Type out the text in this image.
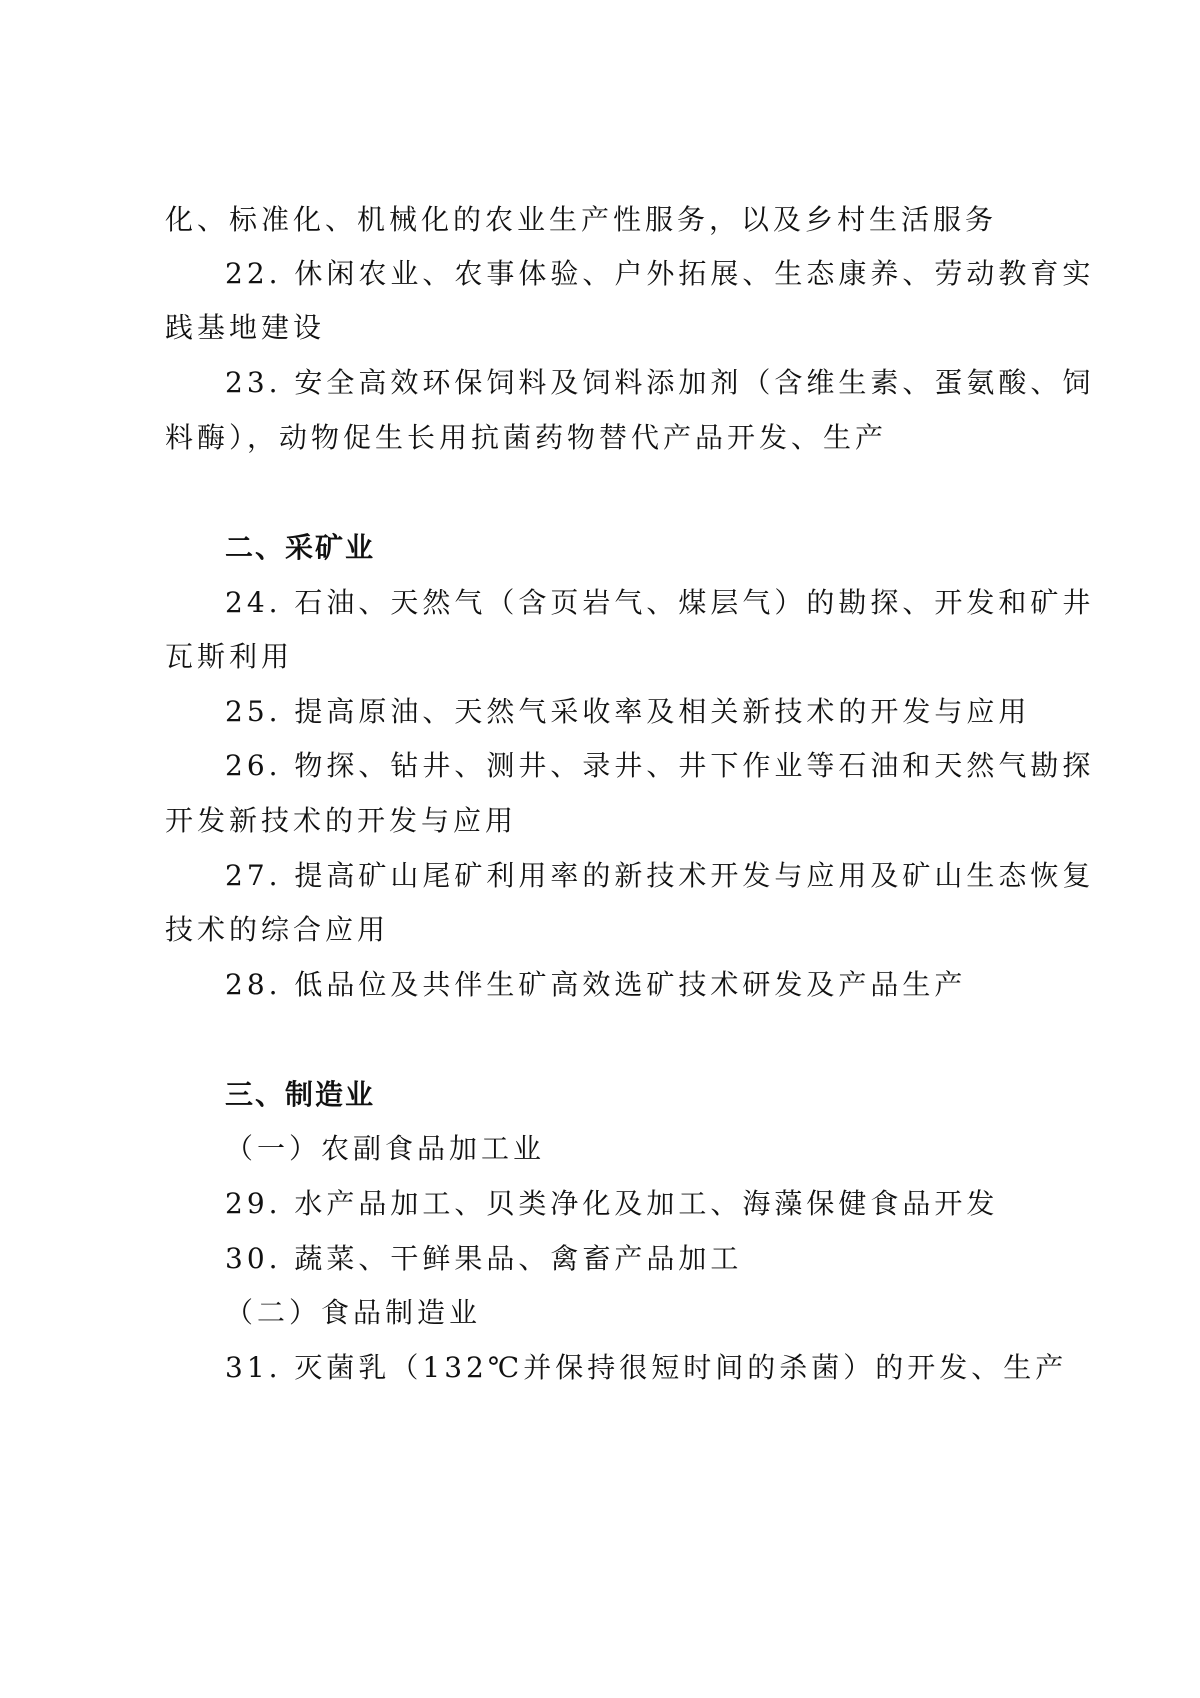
化、标准化、机械化的农业生产性服务，以及乡村生活服务
22. 休闲农业、农事体验、户外拓展、生态康养、劳动教育实
践基地建设
23. 安全高效环保饲料及饲料添加剂（含维生素、蛋氨酸、饲
料酶），动物促生长用抗菌药物替代产品开发、生产
二、采矿业
24. 石油、天然气（含页岩气、煤层气）的勘探、开发和矿井
瓦斯利用
25. 提高原油、天然气采收率及相关新技术的开发与应用
26. 物探、钻井、测井、录井、井下作业等石油和天然气勘探
开发新技术的开发与应用
27. 提高矿山尾矿利用率的新技术开发与应用及矿山生态恢复
技术的综合应用
28. 低品位及共伴生矿高效选矿技术研发及产品生产
三、制造业
（一）农副食品加工业
29. 水产品加工、贝类净化及加工、海藻保健食品开发
30. 蔬菜、干鲜果品、禽畜产品加工
（二）食品制造业
31. 灭菌乳（132℃并保持很短时间的杀菌）的开发、生产
